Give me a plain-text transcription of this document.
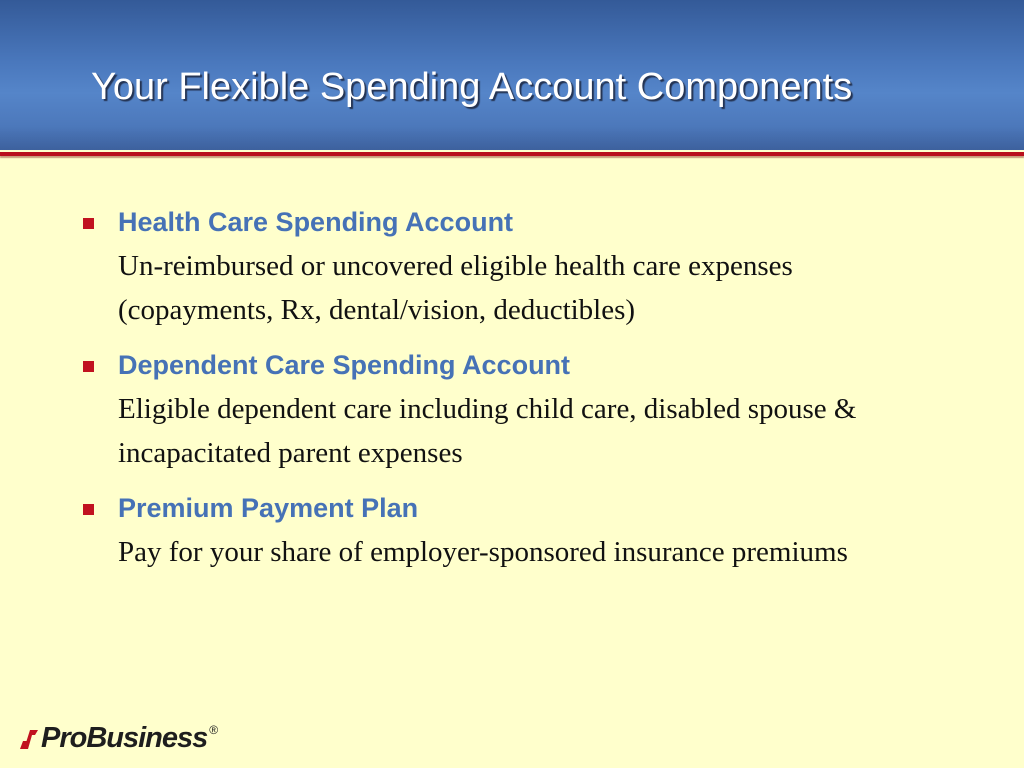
Your Flexible Spending Account Components
Health Care Spending Account
Un-reimbursed or uncovered eligible health care expenses (copayments, Rx, dental/vision, deductibles)
Dependent Care Spending Account
Eligible dependent care including child care, disabled spouse & incapacitated parent expenses
Premium Payment Plan
Pay for your share of employer-sponsored insurance premiums
ProBusiness ®
